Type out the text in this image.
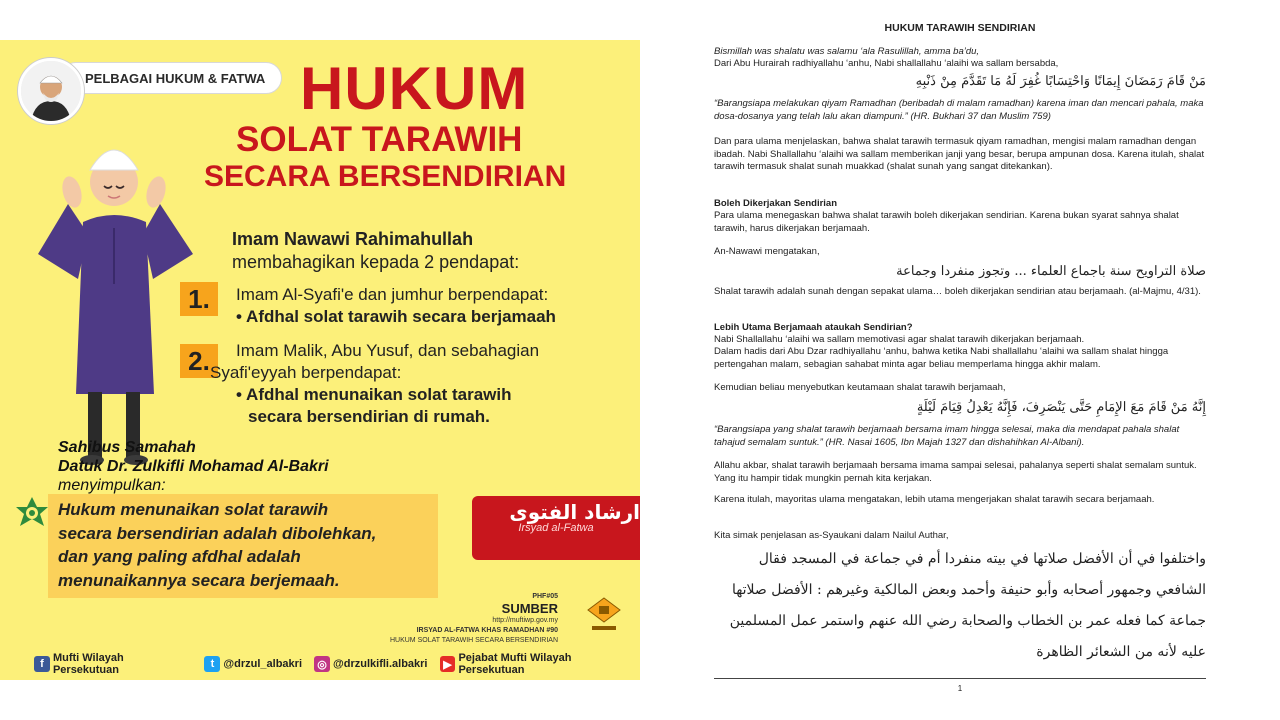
PELBAGAI HUKUM & FATWA HUKUM
SOLAT TARAWIH
SECARA BERSENDIRIAN
Imam Nawawi Rahimahullah
membahagikan kepada 2 pendapat:
1.	Imam Al-Syafi'e dan jumhur berpendapat:
• Afdhal solat tarawih secara berjamaah
2.	Imam Malik, Abu Yusuf, dan sebahagian
Syafi'eyyah berpendapat:
• Afdhal menunaikan solat tarawih
secara bersendirian di rumah.
Sahibus Samahah
Datuk Dr. Zulkifli Mohamad Al-Bakri
menyimpulkan:
Hukum menunaikan solat tarawih
secara bersendirian adalah dibolehkan,
dan yang paling afdhal adalah
menunaikannya secara berjemaah.
ارشاد الفتوى
Irsyad al-Fatwa
PHF#05
SUMBER
http://muftiwp.gov.my
IRSYAD AL-FATWA KHAS RAMADHAN #90
HUKUM SOLAT TARAWIH SECARA BERSENDIRIAN
f Mufti Wilayah Persekutuan	t @drzul_albakri ◎ @drzulkifli.albakri	▶
Pejabat Mufti Wilayah Persekutuan
HUKUM TARAWIH SENDIRIAN

Bismillah was shalatu was salamu ‘ala Rasulillah, amma ba’du,

Dari Abu Hurairah radhiyallahu ‘anhu, Nabi shallallahu ‘alaihi wa sallam bersabda,

مَنْ قَامَ رَمَضَانَ إِيمَانًا وَاحْتِسَابًا غُفِرَ لَهُ مَا تَقَدَّمَ مِنْ ذَنْبِهِ

“Barangsiapa melakukan qiyam Ramadhan (beribadah di malam ramadhan) karena iman dan mencari pahala, maka dosa-dosanya yang telah lalu akan diampuni.” (HR. Bukhari 37 dan Muslim 759)

Dan para ulama menjelaskan, bahwa shalat tarawih termasuk qiyam ramadhan, mengisi malam ramadhan dengan ibadah. Nabi Shallallahu ‘alaihi wa sallam memberikan janji yang besar, berupa ampunan dosa. Karena itulah, shalat tarawih termasuk shalat sunah muakkad (shalat sunah yang sangat ditekankan).

Boleh Dikerjakan Sendirian

Para ulama menegaskan bahwa shalat tarawih boleh dikerjakan sendirian. Karena bukan syarat sahnya shalat tarawih, harus dikerjakan berjamaah.

An-Nawawi mengatakan,

صلاة التراويح سنة باجماع العلماء ... وتجوز منفردا وجماعة

Shalat tarawih adalah sunah dengan sepakat ulama… boleh dikerjakan sendirian atau berjamaah. (al-Majmu, 4/31).

Lebih Utama Berjamaah ataukah Sendirian?

Nabi Shallallahu ‘alaihi wa sallam memotivasi agar shalat tarawih dikerjakan berjamaah.

Dalam hadis dari Abu Dzar radhiyallahu ‘anhu, bahwa ketika Nabi shallallahu ‘alaihi wa sallam shalat hingga pertengahan malam, sebagian sahabat minta agar beliau memperlama hingga akhir malam.

Kemudian beliau menyebutkan keutamaan shalat tarawih berjamaah,

إِنَّهُ مَنْ قَامَ مَعَ الإِمَامِ حَتَّى يَنْصَرِفَ، فَإِنَّهُ يَعْدِلُ قِيَامَ لَيْلَةٍ

“Barangsiapa yang shalat tarawih berjamaah bersama imam hingga selesai, maka dia mendapat pahala shalat tahajud semalam suntuk.” (HR. Nasai 1605, Ibn Majah 1327 dan dishahihkan Al-Albani).

Allahu akbar, shalat tarawih berjamaah bersama imama sampai selesai, pahalanya seperti shalat semalam suntuk. Yang itu hampir tidak mungkin pernah kita kerjakan.

Karena itulah, mayoritas ulama mengatakan, lebih utama mengerjakan shalat tarawih secara berjamaah.

Kita simak penjelasan as-Syaukani dalam Nailul Authar,

واختلفوا في أن الأفضل صلاتها في بيته منفردا أم في جماعة في المسجد فقال الشافعي وجمهور أصحابه وأبو حنيفة وأحمد وبعض المالكية وغيرهم : الأفضل صلاتها جماعة كما فعله عمر بن الخطاب والصحابة رضي الله عنهم واستمر عمل المسلمين عليه لأنه من الشعائر الظاهرة

1
